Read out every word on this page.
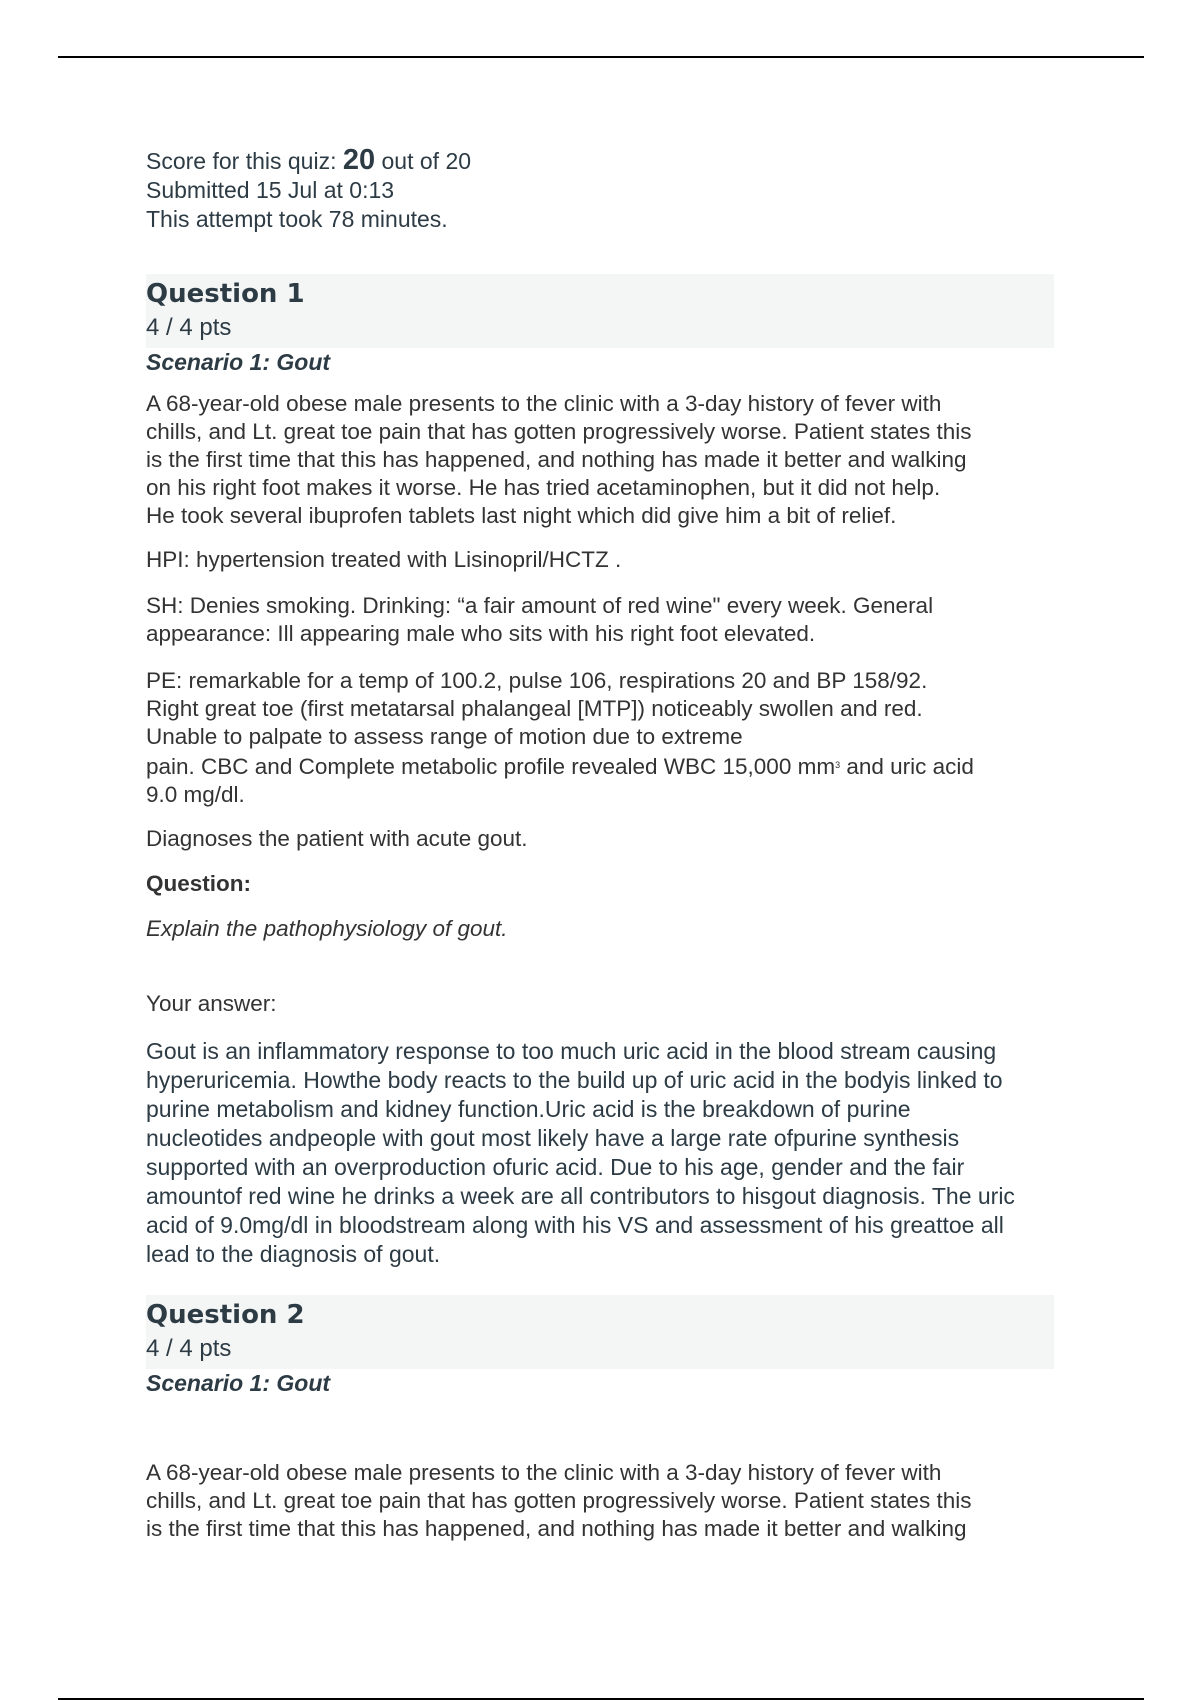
Score for this quiz: 20 out of 20
Submitted 15 Jul at 0:13
This attempt took 78 minutes.
Question 1
4 / 4 pts
Scenario 1: Gout

A 68-year-old obese male presents to the clinic with a 3-day history of fever with

chills, and Lt. great toe pain that has gotten progressively worse. Patient states this

is the first time that this has happened, and nothing has made it better and walking

on his right foot makes it worse. He has tried acetaminophen, but it did not help.

He took several ibuprofen tablets last night which did give him a bit of relief.

HPI: hypertension treated with Lisinopril/HCTZ .

SH: Denies smoking. Drinking: “a fair amount of red wine" every week. General

appearance: Ill appearing male who sits with his right foot elevated.

PE: remarkable for a temp of 100.2, pulse 106, respirations 20 and BP 158/92.

Right great toe (first metatarsal phalangeal [MTP]) noticeably swollen and red.

Unable to palpate to assess range of motion due to extreme

pain. CBC and Complete metabolic profile revealed WBC 15,000 $mm^3$ and uric acid

9.0 mg/dl.

Diagnoses the patient with acute gout.

Question:

Explain the pathophysiology of gout.

Your answer:

Gout is an inflammatory response to too much uric acid in the blood stream causing

hyperuricemia. Howthe body reacts to the build up of uric acid in the bodyis linked to

purine metabolism and kidney function.Uric acid is the breakdown of purine

nucleotides andpeople with gout most likely have a large rate ofpurine synthesis

supported with an overproduction ofuric acid. Due to his age, gender and the fair

amountof red wine he drinks a week are all contributors to hisgout diagnosis. The uric

acid of 9.0mg/dl in bloodstream along with his VS and assessment of his greattoe all

lead to the diagnosis of gout.

Question 2
4 / 4 pts
Scenario 1: Gout

A 68-year-old obese male presents to the clinic with a 3-day history of fever with

chills, and Lt. great toe pain that has gotten progressively worse. Patient states this

is the first time that this has happened, and nothing has made it better and walking
